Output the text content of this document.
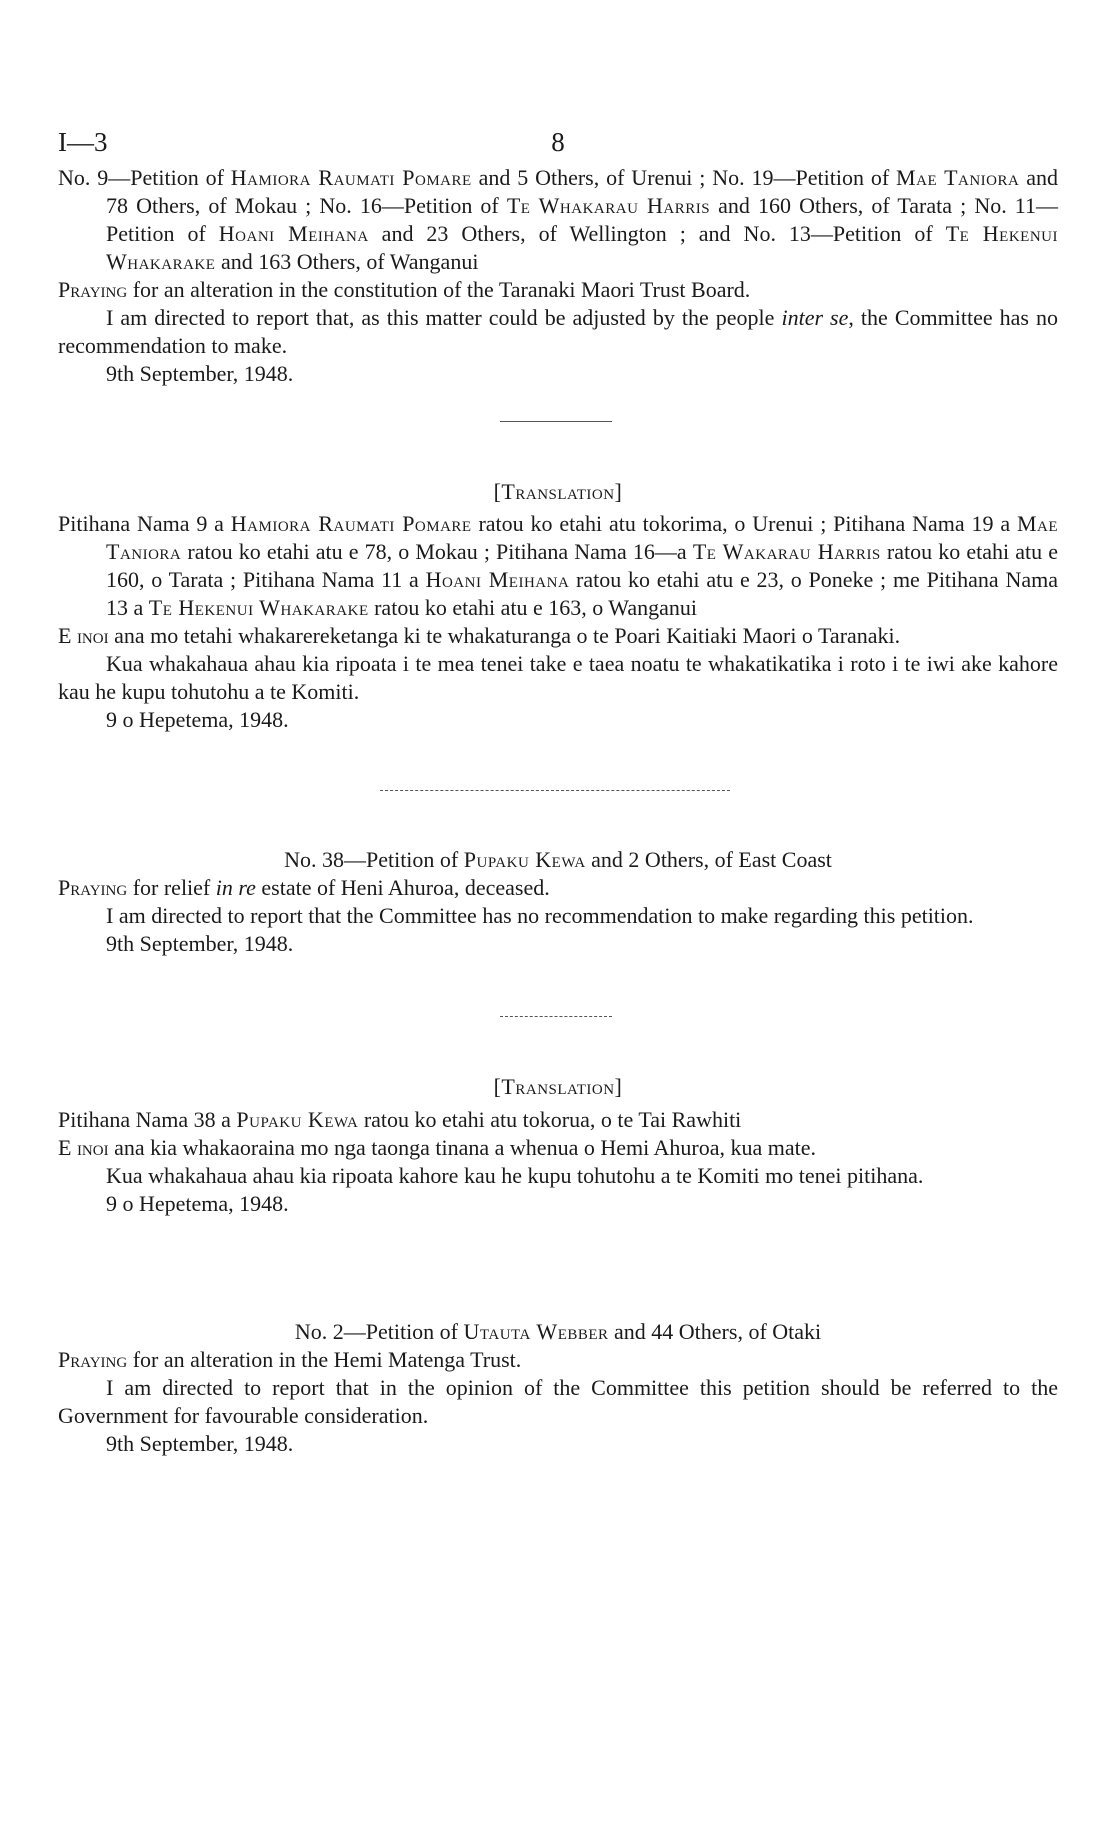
I—3	8
No. 9—Petition of Hamiora Raumati Pomare and 5 Others, of Urenui ; No. 19—Petition of Mae Taniora and 78 Others, of Mokau ; No. 16—Petition of Te Whakarau Harris and 160 Others, of Tarata ; No. 11—Petition of Hoani Meihana and 23 Others, of Wellington ; and No. 13—Petition of Te Hekenui Whakarake and 163 Others, of Wanganui
Praying for an alteration in the constitution of the Taranaki Maori Trust Board.
I am directed to report that, as this matter could be adjusted by the people inter se, the Committee has no recommendation to make.
9th September, 1948.
[Translation]
Pitihana Nama 9 a Hamiora Raumati Pomare ratou ko etahi atu tokorima, o Urenui ; Pitihana Nama 19 a Mae Taniora ratou ko etahi atu e 78, o Mokau ; Pitihana Nama 16—a Te Wakarau Harris ratou ko etahi atu e 160, o Tarata ; Pitihana Nama 11 a Hoani Meihana ratou ko etahi atu e 23, o Poneke ; me Pitihana Nama 13 a Te Hekenui Whakarake ratou ko etahi atu e 163, o Wanganui
E inoi ana mo tetahi whakarereketanga ki te whakaturanga o te Poari Kaitiaki Maori o Taranaki.
Kua whakahaua ahau kia ripoata i te mea tenei take e taea noatu te whakatikatika i roto i te iwi ake kahore kau he kupu tohutohu a te Komiti.
9 o Hepetema, 1948.
No. 38—Petition of Pupaku Kewa and 2 Others, of East Coast
Praying for relief in re estate of Heni Ahuroa, deceased.
I am directed to report that the Committee has no recommendation to make regarding this petition.
9th September, 1948.
[Translation]
Pitihana Nama 38 a Pupaku Kewa ratou ko etahi atu tokorua, o te Tai Rawhiti
E inoi ana kia whakaoraina mo nga taonga tinana a whenua o Hemi Ahuroa, kua mate.
Kua whakahaua ahau kia ripoata kahore kau he kupu tohutohu a te Komiti mo tenei pitihana.
9 o Hepetema, 1948.
No. 2—Petition of Utauta Webber and 44 Others, of Otaki
Praying for an alteration in the Hemi Matenga Trust.
I am directed to report that in the opinion of the Committee this petition should be referred to the Government for favourable consideration.
9th September, 1948.
